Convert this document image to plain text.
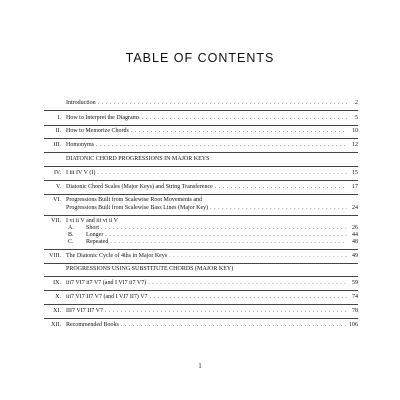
TABLE OF CONTENTS
Introduction . . .	2
I. How to Interpret the Diagrams . . .	5
II. How to Memorize Chords . . .	10
III. Homonyms . . .	12
DIATONIC CHORD PROGRESSIONS IN MAJOR KEYS
IV. I iii IV V (I) . . .	15
V. Diatonic Chord Scales (Major Keys) and String Transference . . .	17
VI. Progressions Built from Scalewise Root Movements and
Progressions Built from Scalewise Bass Lines (Major Key) . . .	24
VII. I vi ii V and iii vi ii V
A.	Short . . .	26
B.	Longer . . .	44
C.	Repeated . . .	48
VIII. The Diatonic Cycle of 4ths in Major Keys . . .	49
PROGRESSIONS USING SUBSTITUTE CHORDS (MAJOR KEY)
IX. iii7 VI7 ii7 V7 (and I VI7 ii7 V7) . . .	59
X. iii7 VI7 II7 V7 (and I VI7 II7) V7 . . .	74
XI. III7 VI7 II7 V7 . . .	78
XII. Recommended Books . . .	106
1
